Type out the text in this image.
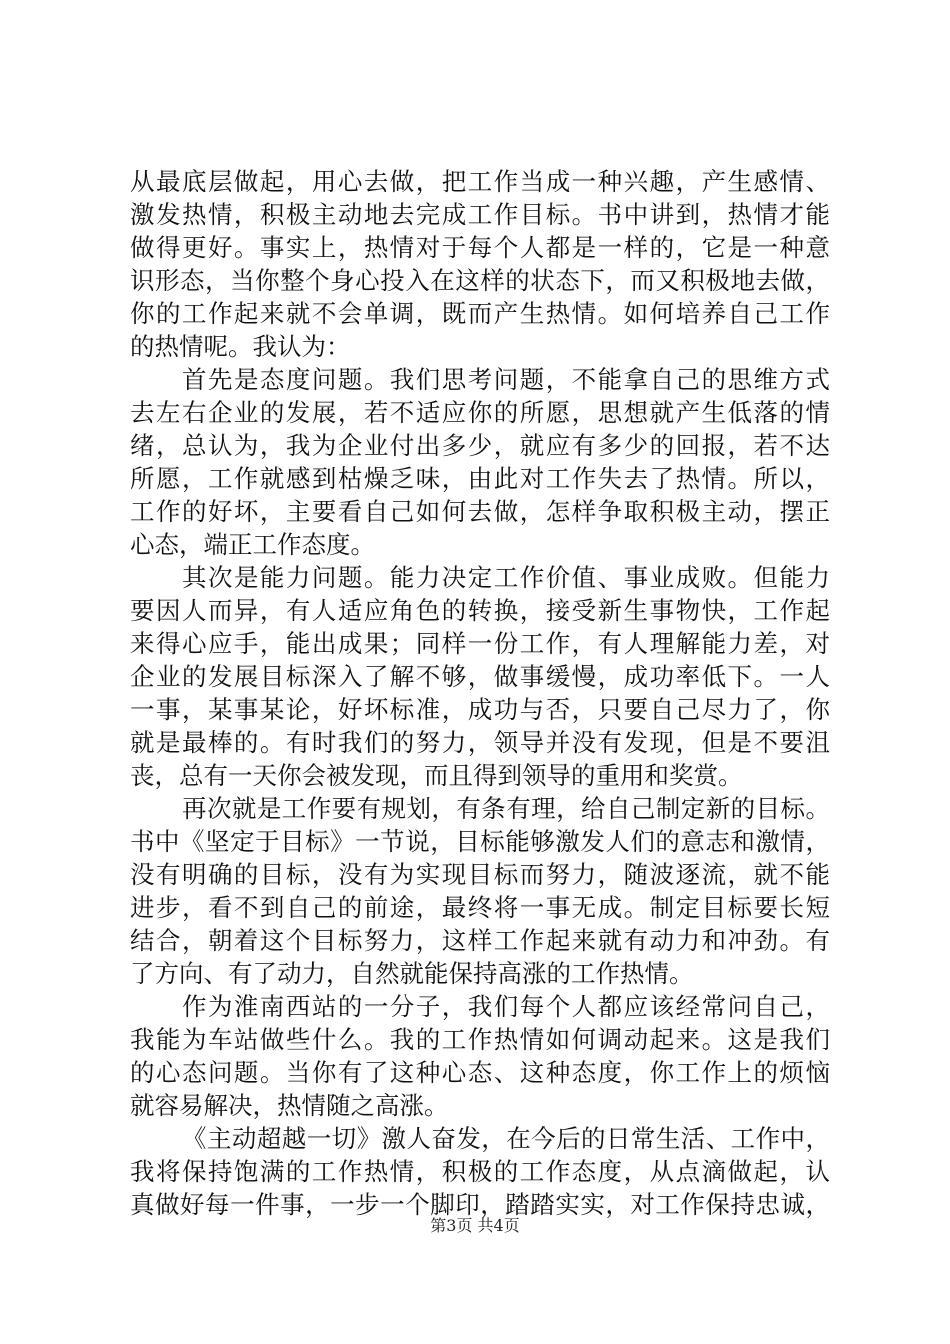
从最底层做起，用心去做，把工作当成一种兴趣，产生感情、
激发热情，积极主动地去完成工作目标。书中讲到，热情才能
做得更好。事实上，热情对于每个人都是一样的，它是一种意
识形态，当你整个身心投入在这样的状态下，而又积极地去做，
你的工作起来就不会单调，既而产生热情。如何培养自己工作
的热情呢。我认为：
首先是态度问题。我们思考问题，不能拿自己的思维方式
去左右企业的发展，若不适应你的所愿，思想就产生低落的情
绪，总认为，我为企业付出多少，就应有多少的回报，若不达
所愿，工作就感到枯燥乏味，由此对工作失去了热情。所以，
工作的好坏，主要看自己如何去做，怎样争取积极主动，摆正
心态，端正工作态度。
其次是能力问题。能力决定工作价值、事业成败。但能力
要因人而异，有人适应角色的转换，接受新生事物快，工作起
来得心应手，能出成果；同样一份工作，有人理解能力差，对
企业的发展目标深入了解不够，做事缓慢，成功率低下。一人
一事，某事某论，好坏标准，成功与否，只要自己尽力了，你
就是最棒的。有时我们的努力，领导并没有发现，但是不要沮
丧，总有一天你会被发现，而且得到领导的重用和奖赏。
再次就是工作要有规划，有条有理，给自己制定新的目标。
书中《坚定于目标》一节说，目标能够激发人们的意志和激情，
没有明确的目标，没有为实现目标而努力，随波逐流，就不能
进步，看不到自己的前途，最终将一事无成。制定目标要长短
结合，朝着这个目标努力，这样工作起来就有动力和冲劲。有
了方向、有了动力，自然就能保持高涨的工作热情。
作为淮南西站的一分子，我们每个人都应该经常问自己，
我能为车站做些什么。我的工作热情如何调动起来。这是我们
的心态问题。当你有了这种心态、这种态度，你工作上的烦恼
就容易解决，热情随之高涨。
《主动超越一切》激人奋发，在今后的日常生活、工作中，
我将保持饱满的工作热情，积极的工作态度，从点滴做起，认
真做好每一件事，一步一个脚印，踏踏实实，对工作保持忠诚，
第3页 共4页
